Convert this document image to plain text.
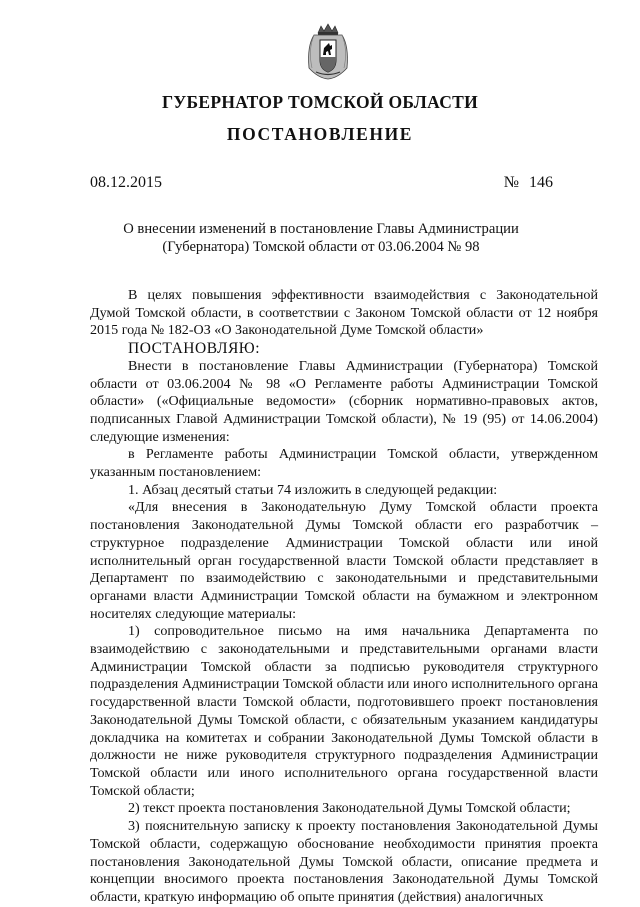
ГУБЕРНАТОР ТОМСКОЙ ОБЛАСТИ
ПОСТАНОВЛЕНИЕ
08.12.2015	№ 146
О внесении изменений в постановление Главы Администрации
(Губернатора) Томской области от 03.06.2004 № 98

В целях повышения эффективности взаимодействия с Законодательной Думой Томской области, в соответствии с Законом Томской области от 12 ноября 2015 года № 182-ОЗ «О Законодательной Думе Томской области»

ПОСТАНОВЛЯЮ:

Внести в постановление Главы Администрации (Губернатора) Томской области от 03.06.2004 № 98 «О Регламенте работы Администрации Томской области» («Официальные ведомости» (сборник нормативно-правовых актов, подписанных Главой Администрации Томской области), № 19 (95) от 14.06.2004) следующие изменения:

в Регламенте работы Администрации Томской области, утвержденном указанным постановлением:

1. Абзац десятый статьи 74 изложить в следующей редакции:

«Для внесения в Законодательную Думу Томской области проекта постановления Законодательной Думы Томской области его разработчик – структурное подразделение Администрации Томской области или иной исполнительный орган государственной власти Томской области представляет в Департамент по взаимодействию с законодательными и представительными органами власти Администрации Томской области на бумажном и электронном носителях следующие материалы:

1) сопроводительное письмо на имя начальника Департамента по взаимодействию с законодательными и представительными органами власти Администрации Томской области за подписью руководителя структурного подразделения Администрации Томской области или иного исполнительного органа государственной власти Томской области, подготовившего проект постановления Законодательной Думы Томской области, с обязательным указанием кандидатуры докладчика на комитетах и собрании Законодательной Думы Томской области в должности не ниже руководителя структурного подразделения Администрации Томской области или иного исполнительного органа государственной власти Томской области;

2) текст проекта постановления Законодательной Думы Томской области;

3) пояснительную записку к проекту постановления Законодательной Думы Томской области, содержащую обоснование необходимости принятия проекта постановления Законодательной Думы Томской области, описание предмета и концепции вносимого проекта постановления Законодательной Думы Томской области, краткую информацию об опыте принятия (действия) аналогичных
